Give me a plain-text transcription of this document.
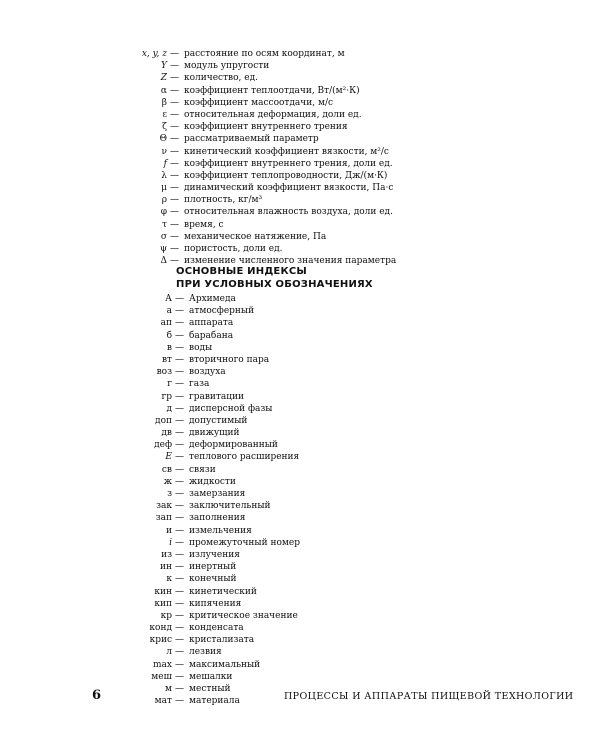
x, y, z — расстояние по осям координат, м
Y — модуль упругости
Z — количество, ед.
α — коэффициент теплоотдачи, Вт/(м²·К)
β — коэффициент массоотдачи, м/с
ε — относительная деформация, доли ед.
ζ — коэффициент внутреннего трения
Θ — рассматриваемый параметр
ν — кинетический коэффициент вязкости, м²/с
f — коэффициент внутреннего трения, доли ед.
λ — коэффициент теплопроводности, Дж/(м·К)
μ — динамический коэффициент вязкости, Па·с
ρ — плотность, кг/м³
φ — относительная влажность воздуха, доли ед.
τ — время, с
σ — механическое натяжение, Па
ψ — пористость, доли ед.
Δ — изменение численного значения параметра
ОСНОВНЫЕ ИНДЕКСЫ
ПРИ УСЛОВНЫХ ОБОЗНАЧЕНИЯХ
А — Архимеда
а — атмосферный
ап — аппарата
б — барабана
в — воды
вт — вторичного пара
воз — воздуха
г — газа
гр — гравитации
д — дисперсной фазы
доп — допустимый
дв — движущий
деф — деформированный
E — теплового расширения
св — связи
ж — жидкости
з — замерзания
зак — заключительный
зап — заполнения
и — измельчения
i — промежуточный номер
из — излучения
ин — инертный
к — конечный
кин — кинетический
кип — кипячения
кр — критическое значение
конд — конденсата
крис — кристализата
л — лезвия
max — максимальный
меш — мешалки
м — местный
мат — материала
6	ПРОЦЕССЫ И АППАРАТЫ ПИЩЕВОЙ ТЕХНОЛОГИИ
